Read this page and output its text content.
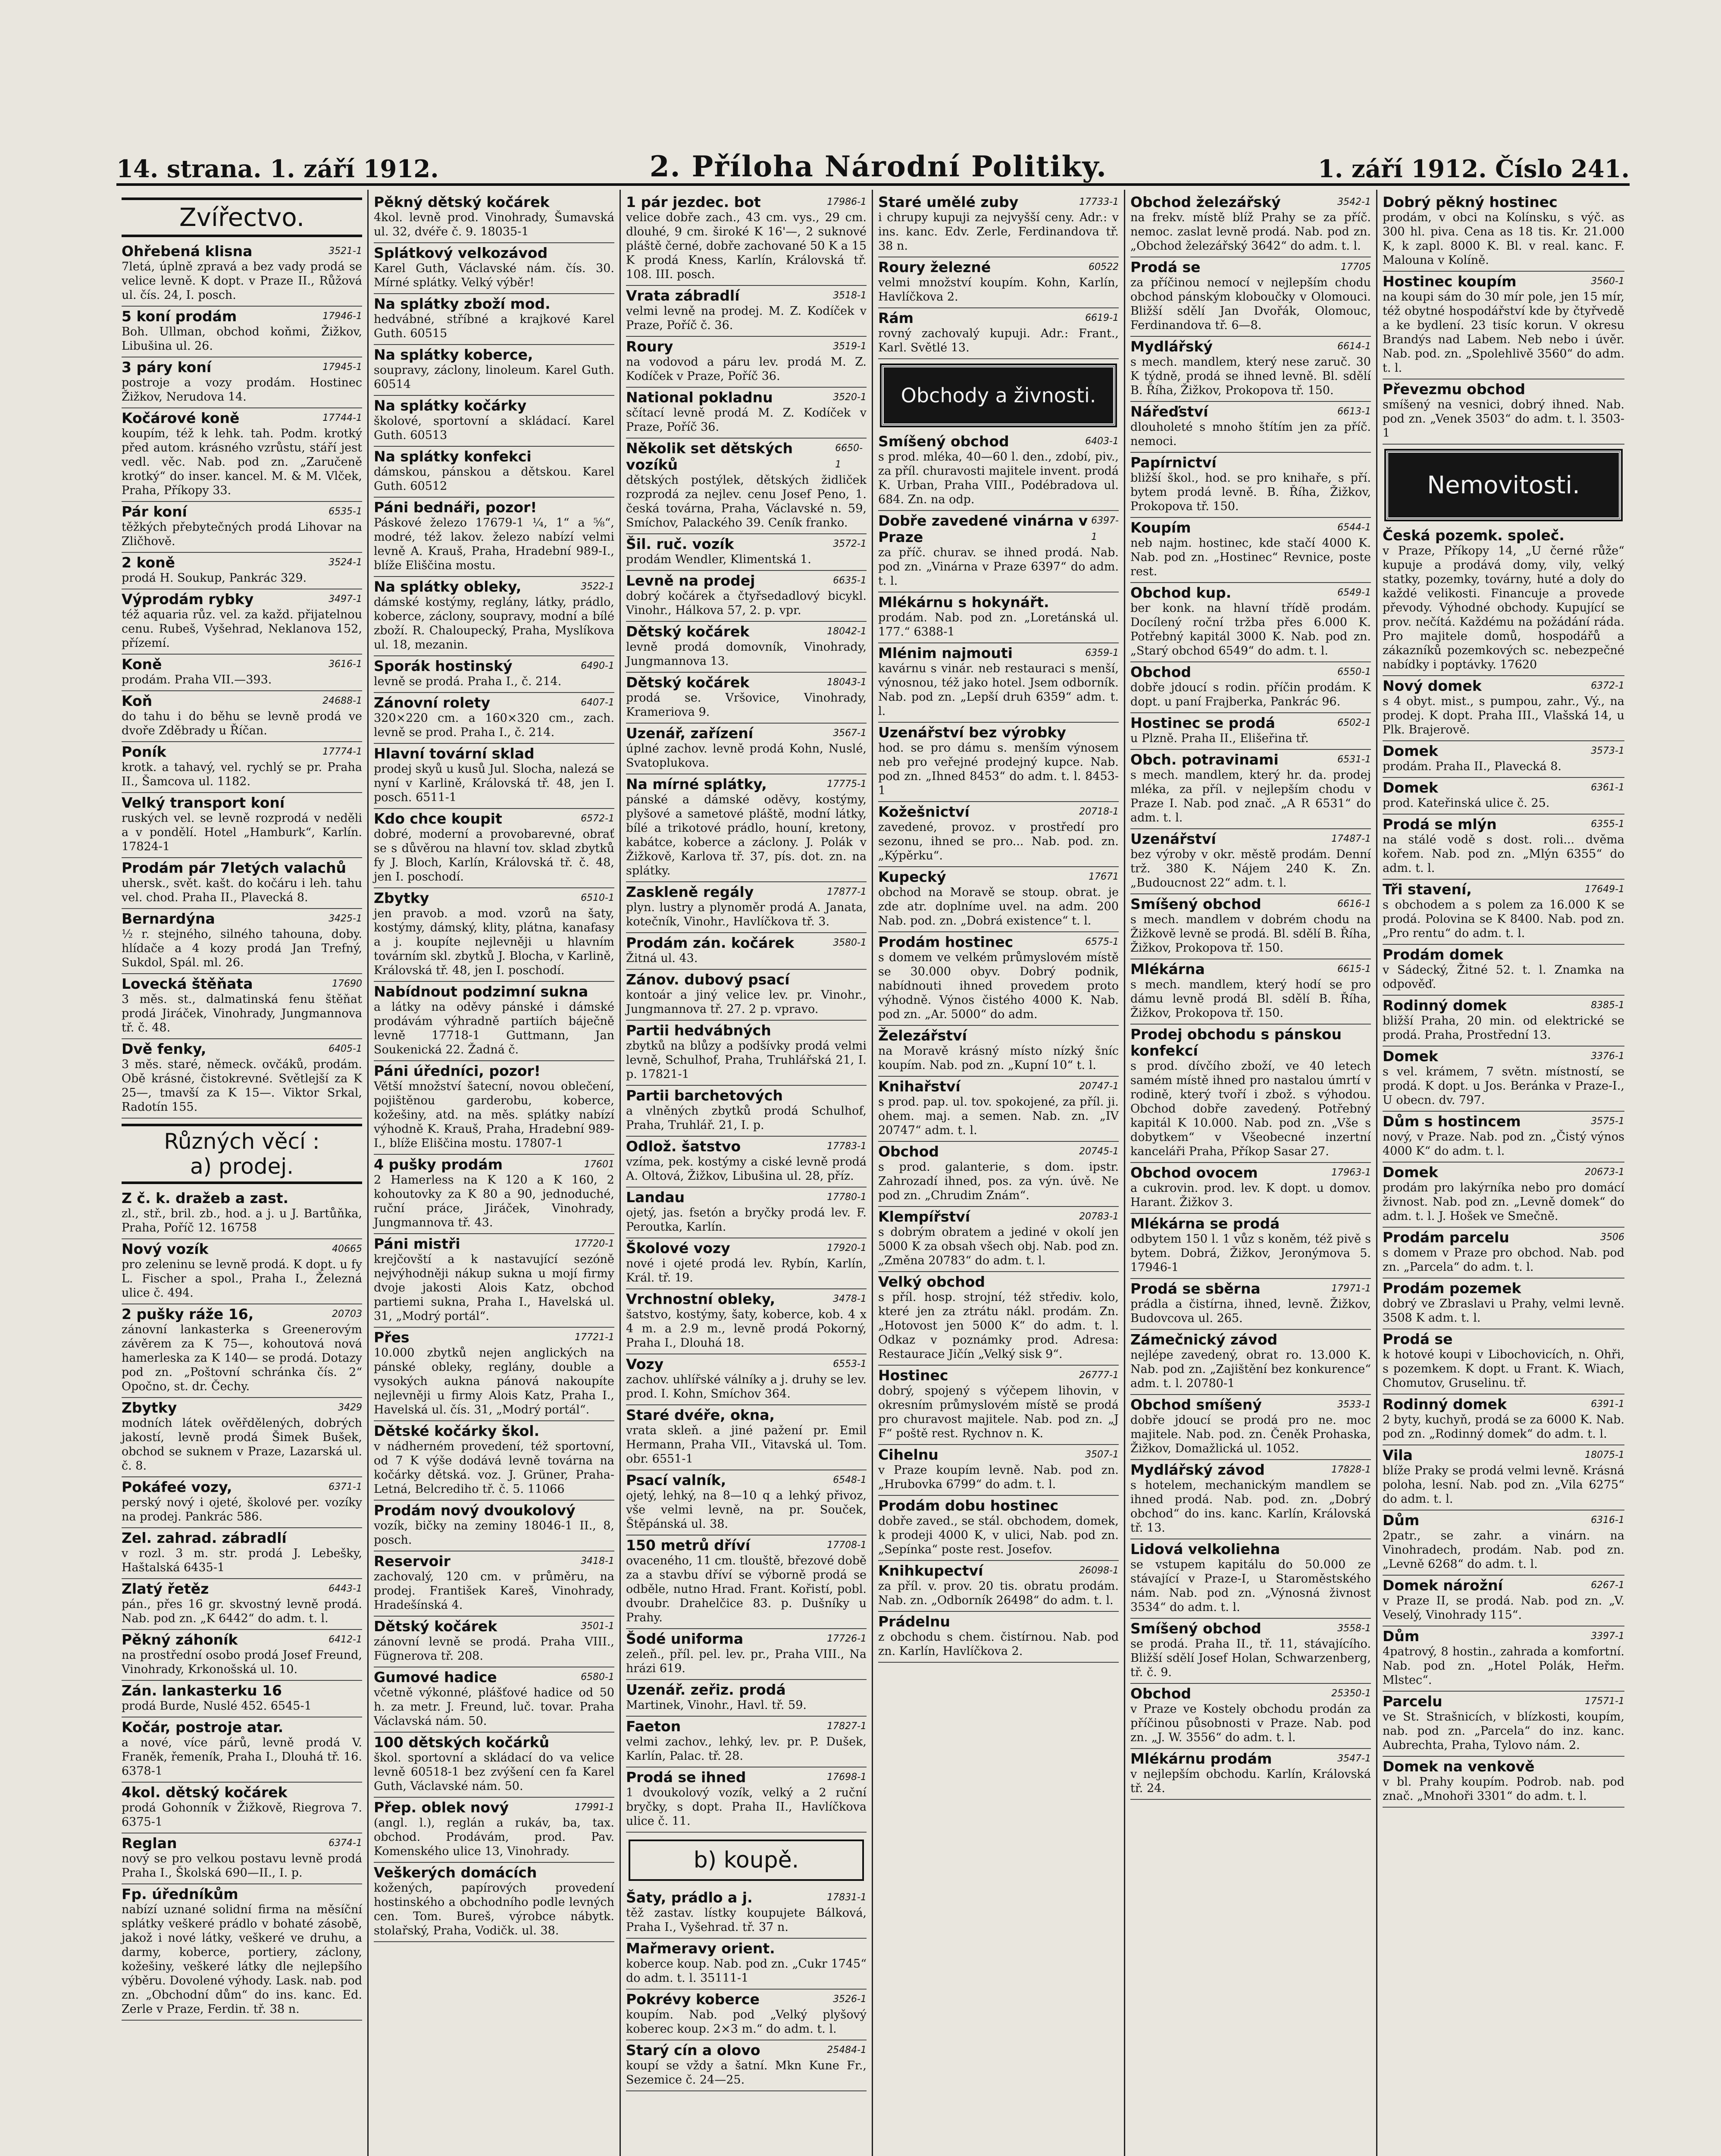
14. strana. 1. září 1912.	2. Příloha Národní Politiky.	1. září 1912. Číslo 241.
Zvířectvo.
Ohřebená klisna	3521-1

7letá, úplně zpravá a bez vady prodá se velice levně. K dopt. v Praze II., Růžová ul. čís. 24, I. posch.

5 koní prodám	17946-1

Boh. Ullman, obchod koňmi, Žižkov, Libušina ul. 26.

3 páry koní	17945-1

postroje a vozy prodám. Hostinec Žižkov, Nerudova 14.

Kočárové koně	17744-1

koupím, též k lehk. tah. Podm. krotký před autom. krásného vzrůstu, stáří jest vedl. věc. Nab. pod zn. „Zaručeně krotký“ do inser. kancel. M. & M. Vlček, Praha, Příkopy 33.

Pár koní	6535-1

těžkých přebytečných prodá Lihovar na Zličhově.

2 koně	3524-1

prodá H. Soukup, Pankrác 329.

Výprodám rybky	3497-1

též aquaria růz. vel. za každ. přijatelnou cenu. Rubeš, Vyšehrad, Neklanova 152, přízemí.

Koně	3616-1

prodám. Praha VII.—393.

Koň	24688-1

do tahu i do běhu se levně prodá ve dvoře Zděbrady u Říčan.

Poník	17774-1

krotk. a tahavý, vel. rychlý se pr. Praha II., Šamcova ul. 1182.

Velký transport koní

ruských vel. se levně rozprodá v neděli a v pondělí. Hotel „Hamburk“, Karlín. 17824-1

Prodám pár 7letých valachů

uhersk., svět. kašt. do kočáru i leh. tahu vel. chod. Praha II., Plavecká 8.

Bernardýna	3425-1

½ r. stejného, silného tahouna, doby. hlídače a 4 kozy prodá Jan Trefný, Sukdol, Spál. ml. 26.

Lovecká štěňata	17690

3 měs. st., dalmatinská fenu štěňat prodá Jiráček, Vinohrady, Jungmannova tř. č. 48.

Dvě fenky,	6405-1

3 měs. staré, německ. ovčáků, prodám. Obě krásné, čistokrevné. Světlejší za K 25—, tmavší za K 15—. Viktor Srkal, Radotín 155.

Různých věcí :
a) prodej.
Z č. k. dražeb a zast.

zl., stř., bril. zb., hod. a j. u J. Bartůňka, Praha, Poříč 12. 16758

Nový vozík	40665

pro zeleninu se levně prodá. K dopt. u fy L. Fischer a spol., Praha I., Železná ulice č. 494.

2 pušky ráže 16,	20703

zánovní lankasterka s Greenerovým závěrem za K 75—, kohoutová nová hamerleska za K 140— se prodá. Dotazy pod zn. „Poštovní schránka čís. 2“ Opočno, st. dr. Čechy.

Zbytky	3429

modních látek ověřdělených, dobrých jakostí, levně prodá Šimek Bušek, obchod se suknem v Praze, Lazarská ul. č. 8.

Pokáfeé vozy,	6371-1

perský nový i ojeté, školové per. vozíky na prodej. Pankrác 586.

Zel. zahrad. zábradlí

v rozl. 3 m. str. prodá J. Lebešky, Haštalská 6435-1

Zlatý řetěz	6443-1

pán., přes 16 gr. skvostný levně prodá. Nab. pod zn. „K 6442“ do adm. t. l.

Pěkný záhoník	6412-1

na prostřední osobo prodá Josef Freund, Vinohrady, Krkonošská ul. 10.

Zán. lankasterku 16

prodá Burde, Nuslé 452. 6545-1

Kočár, postroje atar.

a nové, více párů, levně prodá V. Franěk, řemeník, Praha I., Dlouhá tř. 16. 6378-1

4kol. dětský kočárek

prodá Gohonník v Žižkově, Riegrova 7. 6375-1

Reglan	6374-1

nový se pro velkou postavu levně prodá Praha I., Školská 690—II., I. p.

Fp. úředníkům

nabízí uznané solidní firma na měsíční splátky veškeré prádlo v bohaté zásobě, jakož i nové látky, veškeré ve druhu, a darmy, koberce, portiery, záclony, kožešiny, veškeré látky dle nejlepšího výběru. Dovolené výhody. Lask. nab. pod zn. „Obchodní dům“ do ins. kanc. Ed. Zerle v Praze, Ferdin. tř. 38 n.

Pěkný dětský kočárek

4kol. levně prod. Vinohrady, Šumavská ul. 32, dvéře č. 9. 18035-1

Splátkový velkozávod

Karel Guth, Václavské nám. čís. 30. Mírné splátky. Velký výběr!

Na splátky zboží mod.

hedvábné, stříbné a krajkové Karel Guth. 60515

Na splátky koberce,

soupravy, záclony, linoleum. Karel Guth. 60514

Na splátky kočárky

školové, sportovní a skládací. Karel Guth. 60513

Na splátky konfekci

dámskou, pánskou a dětskou. Karel Guth. 60512

Páni bednáři, pozor!

Páskové železo 17679-1 ¼, 1“ a ⅝“, modré, též lakov. železo nabízí velmi levně A. Krauš, Praha, Hradební 989-I., blíže Eliščina mostu.

Na splátky obleky,	3522-1

dámské kostýmy, reglány, látky, prádlo, koberce, záclony, soupravy, modní a bílé zboží. R. Chaloupecký, Praha, Myslíkova ul. 18, mezanin.

Sporák hostinský	6490-1

levně se prodá. Praha I., č. 214.

Zánovní rolety	6407-1

320×220 cm. a 160×320 cm., zach. levně se prod. Praha I., č. 214.

Hlavní tovární sklad

prodej skyů u kusů Jul. Slocha, nalezá se nyní v Karlině, Královská tř. 48, jen I. posch. 6511-1

Kdo chce koupit	6572-1

dobré, moderní a provobarevné, obrať se s důvěrou na hlavní tov. sklad zbytků fy J. Bloch, Karlín, Královská tř. č. 48, jen I. poschodí.

Zbytky	6510-1

jen pravob. a mod. vzorů na šaty, kostýmy, dámský, klity, plátna, kanafasy a j. koupíte nejlevněji u hlavním továrním skl. zbytků J. Blocha, v Karlině, Královská tř. 48, jen I. poschodí.

Nabídnout podzimní sukna

a látky na oděvy pánské i dámské prodávám výhradně partiích báječně levně 17718-1 Guttmann, Jan Soukenická 22. Žadná č.

Páni úředníci, pozor!

Větší množství šatecní, novou oblečení, pojištěnou garderobu, koberce, kožešiny, atd. na měs. splátky nabízí výhodně K. Krauš, Praha, Hradební 989-I., blíže Eliščina mostu. 17807-1

4 pušky prodám	17601

2 Hamerless na K 120 a K 160, 2 kohoutovky za K 80 a 90, jednoduché, ruční práce, Jiráček, Vinohrady, Jungmannova tř. 43.

Páni mistři	17720-1

krejčovští a k nastavující sezóně nejvýhodněji nákup sukna u mojí firmy dvoje jakosti Alois Katz, obchod partiemi sukna, Praha I., Havelská ul. 31, „Modrý portál“.

Přes	17721-1

10.000 zbytků nejen anglických na pánské obleky, reglány, double a vysokých aukna pánová nakoupíte nejlevněji u firmy Alois Katz, Praha I., Havelská ul. čís. 31, „Modrý portál“.

Dětské kočárky škol.

v nádherném provedení, též sportovní, od 7 K výše dodává levně továrna na kočárky dětská. voz. J. Grüner, Praha-Letná, Belcrediho tř. č. 5. 11066

Prodám nový dvoukolový

vozík, bičky na zeminy 18046-1 II., 8, posch.

Reservoir	3418-1

zachovalý, 120 cm. v průměru, na prodej. František Kareš, Vinohrady, Hradešínská 4.

Dětský kočárek	3501-1

zánovní levně se prodá. Praha VIII., Fügnerova tř. 208.

Gumové hadice	6580-1

včetně výkonné, plášťové hadice od 50 h. za metr. J. Freund, luč. tovar. Praha Václavská nám. 50.

100 dětských kočárků

škol. sportovní a skládací do va velice levně 60518-1 bez zvýšení cen fa Karel Guth, Václavské nám. 50.

Přep. oblek nový	17991-1

(angl. l.), reglán a rukáv, ba, tax. obchod. Prodávám, prod. Pav. Komenského ulice 13, Vinohrady.

Veškerých domácích

kožených, papírových provedení hostinského a obchodního podle levných cen. Tom. Bureš, výrobce nábytk. stolařský, Praha, Vodičk. ul. 38.

1 pár jezdec. bot	17986-1

velice dobře zach., 43 cm. vys., 29 cm. dlouhé, 9 cm. široké K 16'—, 2 suknové pláště černé, dobře zachované 50 K a 15 K prodá Kness, Karlín, Královská tř. 108. III. posch.

Vrata zábradlí	3518-1

velmi levně na prodej. M. Z. Kodíček v Praze, Poříč č. 36.

Roury	3519-1

na vodovod a páru lev. prodá M. Z. Kodíček v Praze, Poříč 36.

National pokladnu	3520-1

sčítací levně prodá M. Z. Kodíček v Praze, Poříč 36.

Několik set dětských vozíků
6650-1

dětských postýlek, dětských židliček rozprodá za nejlev. cenu Josef Peno, 1. česká továrna, Praha, Václavské n. 59, Smíchov, Palackého 39. Ceník franko.

Šil. ruč. vozík	3572-1

prodám Wendler, Klimentská 1.

Levně na prodej	6635-1

dobrý kočárek a čtyřsedadlový bicykl. Vinohr., Hálkova 57, 2. p. vpr.

Dětský kočárek	18042-1

levně prodá domovník, Vinohrady, Jungmannova 13.

Dětský kočárek	18043-1

prodá se. Vršovice, Vinohrady, Krameriova 9.

Uzenář, zařízení	3567-1

úplné zachov. levně prodá Kohn, Nuslé, Svatoplukova.

Na mírné splátky,	17775-1

pánské a dámské oděvy, kostýmy, plyšové a sametové pláště, modní látky, bílé a trikotové prádlo, houní, kretony, kabátce, koberce a záclony. J. Polák v Žižkově, Karlova tř. 37, pís. dot. zn. na splátky.

Zaskleně regály	17877-1

plyn. lustry a plynoměr prodá A. Janata, kotečník, Vinohr., Havlíčkova tř. 3.

Prodám zán. kočárek	3580-1

Žitná ul. 43.

Zánov. dubový psací

kontoár a jiný velice lev. pr. Vinohr., Jungmannova tř. 27. 2 p. vpravo.

Partii hedvábných

zbytků na blůzy a podšívky prodá velmi levně, Schulhof, Praha, Truhlářská 21, I. p. 17821-1

Partii barchetových

a vlněných zbytků prodá Schulhof, Praha, Truhlář. 21, I. p.

Odlož. šatstvo	17783-1

vzíma, pek. kostýmy a ciské levně prodá A. Oltová, Žižkov, Libušina ul. 28, příz.

Landau	17780-1

ojetý, jas. fsetón a bryčky prodá lev. F. Peroutka, Karlín.

Školové vozy	17920-1

nové i ojeté prodá lev. Rybín, Karlín, Král. tř. 19.

Vrchnostní obleky,	3478-1

šatstvo, kostýmy, šaty, koberce, kob. 4 x 4 m. a 2.9 m., levně prodá Pokorný, Praha I., Dlouhá 18.

Vozy	6553-1

zachov. uhlířské válníky a j. druhy se lev. prod. I. Kohn, Smíchov 364.

Staré dvéře, okna,

vrata skleň. a jiné pažení pr. Emil Hermann, Praha VII., Vitavská ul. Tom. obr. 6551-1

Psací valník,	6548-1

ojetý, lehký, na 8—10 q a lehký přivoz, vše velmi levně, na pr. Souček, Štěpánská ul. 38.

150 metrů dříví	17708-1

ovaceného, 11 cm. tlouště, březové době za a stavbu dříví se výborně prodá se odběle, nutno Hrad. Frant. Kořistí, pobl. dvoubr. Drahelčice 83. p. Dušníky u Prahy.

Šodé uniforma	17726-1

zeleň., příl. pel. lev. pr., Praha VIII., Na hrázi 619.

Uzenář. zeřiz. prodá

Martinek, Vinohr., Havl. tř. 59.

Faeton	17827-1

velmi zachov., lehký, lev. pr. P. Dušek, Karlín, Palac. tř. 28.

Prodá se ihned	17698-1

1 dvoukolový vozík, velký a 2 ruční bryčky, s dopt. Praha II., Havlíčkova ulice č. 11.

b) koupě.
Šaty, prádlo a j.	17831-1

těž zastav. lístky koupujete Bálková, Praha I., Vyšehrad. tř. 37 n.

Mařmeravy orient.

koberce koup. Nab. pod zn. „Cukr 1745“ do adm. t. l. 35111-1

Pokrévy koberce	3526-1

koupím. Nab. pod „Velký plyšový koberec koup. 2×3 m.“ do adm. t. l.

Starý cín a olovo	25484-1

koupí se vždy a šatní. Mkn Kune Fr., Sezemice č. 24—25.

Staré umělé zuby	17733-1

i chrupy kupuji za nejvyšší ceny. Adr.: v ins. kanc. Edv. Zerle, Ferdinandova tř. 38 n.

Roury železné	60522

velmi množství koupím. Kohn, Karlín, Havlíčkova 2.

Rám	6619-1

rovný zachovalý kupuji. Adr.: Frant., Karl. Světlé 13.

Obchody a živnosti.
Smíšený obchod	6403-1

s prod. mléka, 40—60 l. den., zdobí, piv., za příl. churavosti majitele invent. prodá K. Urban, Praha VIII., Podébradova ul. 684. Zn. na odp.

Dobře zavedené vinárna v Praze
6397-1

za příč. churav. se ihned prodá. Nab. pod zn. „Vinárna v Praze 6397“ do adm. t. l.

Mlékárnu s hokynářt.

prodám. Nab. pod zn. „Loretánská ul. 177.“ 6388-1

Mlénim najmouti	6359-1

kavárnu s vinár. neb restauraci s menší, výnosnou, též jako hotel. Jsem odborník. Nab. pod zn. „Lepší druh 6359“ adm. t. l.

Uzenářství bez výrobky

hod. se pro dámu s. menším výnosem neb pro veřejné prodejný kupce. Nab. pod zn. „Ihned 8453“ do adm. t. l. 8453-1

Kožešnictví	20718-1

zavedené, provoz. v prostředí pro sezonu, ihned se pro... Nab. pod. zn. „Kýpěrku“.

Kupecký	17671

obchod na Moravě se stoup. obrat. je zde atr. doplníme uvel. na adm. 200 Nab. pod. zn. „Dobrá existence“ t. l.

Prodám hostinec	6575-1

s domem ve velkém průmyslovém místě se 30.000 obyv. Dobrý podnik, nabídnouti ihned provedem proto výhodně. Výnos čistého 4000 K. Nab. pod zn. „Ar. 5000“ do adm.

Železářství

na Moravě krásný místo nízký šníc koupím. Nab. pod zn. „Kupní 10“ t. l.

Knihařství	20747-1

s prod. pap. ul. tov. spokojené, za příl. ji. ohem. maj. a semen. Nab. zn. „IV 20747“ adm. t. l.

Obchod	20745-1

s prod. galanterie, s dom. ipstr. Zahrozadí ihned, pos. za výn. úvě. Ne pod zn. „Chrudim Znám“.

Klempířství	20783-1

s dobrým obratem a jediné v okolí jen 5000 K za obsah všech obj. Nab. pod zn. „Změna 20783“ do adm. t. l.

Velký obchod

s příl. hosp. strojní, též střediv. kolo, které jen za ztrátu nákl. prodám. Zn. „Hotovost jen 5000 K“ do adm. t. l. Odkaz v poznámky prod. Adresa: Restaurace Jičín „Velký sisk 9“.

Hostinec	26777-1

dobrý, spojený s výčepem lihovin, v okresním průmyslovém místě se prodá pro churavost majitele. Nab. pod zn. „J F“ poště rest. Rychnov n. K.

Cihelnu	3507-1

v Praze koupím levně. Nab. pod zn. „Hrubovka 6799“ do adm. t. l.

Prodám dobu hostinec

dobře zaved., se stál. obchodem, domek, k prodeji 4000 K, v ulici, Nab. pod zn. „Sepínka“ poste rest. Josefov.

Knihkupectví	26098-1

za příl. v. prov. 20 tis. obratu prodám. Nab. zn. „Odborník 26498“ do adm. t. l.

Prádelnu

z obchodu s chem. čistírnou. Nab. pod zn. Karlín, Havlíčkova 2.

Obchod železářský	3542-1

na frekv. místě blíž Prahy se za příč. nemoc. zaslat levně prodá. Nab. pod zn. „Obchod železářský 3642“ do adm. t. l.

Prodá se	17705

za příčinou nemocí v nejlepším chodu obchod pánským kloboučky v Olomouci. Bližší sdělí Jan Dvořák, Olomouc, Ferdinandova tř. 6—8.

Mydlářský	6614-1

s mech. mandlem, který nese zaruč. 30 K týdně, prodá se ihned levně. Bl. sdělí B. Říha, Žižkov, Prokopova tř. 150.

Nářeďství	6613-1

dlouholeté s mnoho štítím jen za příč. nemoci.

Papírnictví

bližší škol., hod. se pro knihaře, s pří. bytem prodá levně. B. Říha, Žižkov, Prokopova tř. 150.

Koupím	6544-1

neb najm. hostinec, kde stačí 4000 K. Nab. pod zn. „Hostinec“ Revnice, poste rest.

Obchod kup.	6549-1

ber konk. na hlavní třídě prodám. Docílený roční tržba přes 6.000 K. Potřebný kapitál 3000 K. Nab. pod zn. „Starý obchod 6549“ do adm. t. l.

Obchod	6550-1

dobře jdoucí s rodin. příčin prodám. K dopt. u paní Frajberka, Pankrác 96.

Hostinec se prodá	6502-1

u Plzně. Praha II., Elišeřina tř.

Obch. potravinami	6531-1

s mech. mandlem, který hr. da. prodej mléka, za příl. v nejlepším chodu v Praze I. Nab. pod znač. „A R 6531“ do adm. t. l.

Uzenářství	17487-1

bez výroby v okr. městě prodám. Denní trž. 380 K. Nájem 240 K. Zn. „Budoucnost 22“ adm. t. l.

Smíšený obchod	6616-1

s mech. mandlem v dobrém chodu na Žižkově levně se prodá. Bl. sdělí B. Říha, Žižkov, Prokopova tř. 150.

Mlékárna	6615-1

s mech. mandlem, který hodí se pro dámu levně prodá Bl. sdělí B. Říha, Žižkov, Prokopova tř. 150.

Prodej obchodu s pánskou konfekcí

s prod. dívčího zboží, ve 40 letech samém místě ihned pro nastalou úmrtí v rodině, který tvoří i zbož. s výhodou. Obchod dobře zavedený. Potřebný kapitál K 10.000. Nab. pod zn. „Vše s dobytkem“ v Všeobecné inzertní kanceláři Praha, Příkop Sasar 27.

Obchod ovocem	17963-1

a cukrovin. prod. lev. K dopt. u domov. Harant. Žižkov 3.

Mlékárna se prodá

odbytem 150 l. 1 vůz s koněm, též pivě s bytem. Dobrá, Žižkov, Jeronýmova 5. 17946-1

Prodá se sběrna	17971-1

prádla a čistírna, ihned, levně. Žižkov, Budovcova ul. 265.

Zámečnický závod

nejlépe zavedený, obrat ro. 13.000 K. Nab. pod zn. „Zajištění bez konkurence“ adm. t. l. 20780-1

Obchod smíšený	3533-1

dobře jdoucí se prodá pro ne. moc majitele. Nab. pod. zn. Čeněk Prohaska, Žižkov, Domažlická ul. 1052.

Mydlářský závod	17828-1

s hotelem, mechanickým mandlem se ihned prodá. Nab. pod. zn. „Dobrý obchod“ do ins. kanc. Karlín, Královská tř. 13.

Lidová velkoliehna

se vstupem kapitálu do 50.000 ze stávající v Praze-I, u Staroměstského nám. Nab. pod zn. „Výnosná živnost 3534“ do adm. t. l.

Smíšený obchod	3558-1

se prodá. Praha II., tř. 11, stávajícího. Bližší sdělí Josef Holan, Schwarzenberg, tř. č. 9.

Obchod	25350-1

v Praze ve Kostely obchodu prodán za příčinou působnosti v Praze. Nab. pod zn. „J. W. 3556“ do adm. t. l.

Mlékárnu prodám	3547-1

v nejlepším obchodu. Karlín, Královská tř. 24.

Dobrý pěkný hostinec

prodám, v obci na Kolínsku, s výč. as 300 hl. piva. Cena as 18 tis. Kr. 21.000 K, k zapl. 8000 K. Bl. v real. kanc. F. Malouna v Kolíně.

Hostinec koupím	3560-1

na koupi sám do 30 mír pole, jen 15 mír, též obytné hospodářství kde by čtyřvedě a ke bydlení. 23 tisíc korun. V okresu Brandýs nad Labem. Neb nebo i úvěr. Nab. pod. zn. „Spolehlivě 3560“ do adm. t. l.

Převezmu obchod

smíšený na vesnici, dobrý ihned. Nab. pod zn. „Venek 3503“ do adm. t. l. 3503-1

Nemovitosti.
Česká pozemk. společ.

v Praze, Příkopy 14, „U černé růže“ kupuje a prodává domy, vily, velký statky, pozemky, továrny, huté a doly do každé velikosti. Financuje a provede převody. Výhodné obchody. Kupující se prov. nečítá. Každému na požádání ráda. Pro majitele domů, hospodářů a zákazníků pozemkových sc. nebezpečné nabídky i poptávky. 17620

Nový domek	6372-1

s 4 obyt. mist., s pumpou, zahr., Vý., na prodej. K dopt. Praha III., Vlašská 14, u Plk. Brajerově.

Domek	3573-1

prodám. Praha II., Plavecká 8.

Domek	6361-1

prod. Kateřinská ulice č. 25.

Prodá se mlýn	6355-1

na stálé vodě s dost. roli... dvěma kořem. Nab. pod zn. „Mlýn 6355“ do adm. t. l.

Tři stavení,	17649-1

s obchodem a s polem za 16.000 K se prodá. Polovina se K 8400. Nab. pod zn. „Pro rentu“ do adm. t. l.

Prodám domek

v Sádecký, Žitné 52. t. l. Znamka na odpověď.

Rodinný domek	8385-1

bližší Praha, 20 min. od elektrické se prodá. Praha, Prostřední 13.

Domek	3376-1

s vel. krámem, 7 světn. místností, se prodá. K dopt. u Jos. Beránka v Praze-I., U obecn. dv. 797.

Dům s hostincem	3575-1

nový, v Praze. Nab. pod zn. „Čistý výnos 4000 K“ do adm. t. l.

Domek	20673-1

prodám pro lakýrníka nebo pro domácí živnost. Nab. pod zn. „Levně domek“ do adm. t. l. J. Hošek ve Smečně.

Prodám parcelu	3506

s domem v Praze pro obchod. Nab. pod zn. „Parcela“ do adm. t. l.

Prodám pozemek

dobrý ve Zbraslavi u Prahy, velmi levně. 3508 K adm. t. l.

Prodá se

k hotové koupi v Libochovicích, n. Ohři, s pozemkem. K dopt. u Frant. K. Wiach, Chomutov, Gruselinu. tř.

Rodinný domek	6391-1

2 byty, kuchyň, prodá se za 6000 K. Nab. pod zn. „Rodinný domek“ do adm. t. l.

Vila	18075-1

blíže Praky se prodá velmi levně. Krásná poloha, lesní. Nab. pod zn. „Vila 6275“ do adm. t. l.

Dům	6316-1

2patr., se zahr. a vinárn. na Vinohradech, prodám. Nab. pod zn. „Levně 6268“ do adm. t. l.

Domek nárožní	6267-1

v Praze II, se prodá. Nab. pod zn. „V. Veselý, Vinohrady 115“.

Dům	3397-1

4patrový, 8 hostin., zahrada a komfortní. Nab. pod zn. „Hotel Polák, Heřm. Mlstec“.

Parcelu	17571-1

ve St. Strašnicích, v blízkosti, koupím, nab. pod zn. „Parcela“ do inz. kanc. Aubrechta, Praha, Tylovo nám. 2.

Domek na venkově

v bl. Prahy koupím. Podrob. nab. pod znač. „Mnohoři 3301“ do adm. t. l.
